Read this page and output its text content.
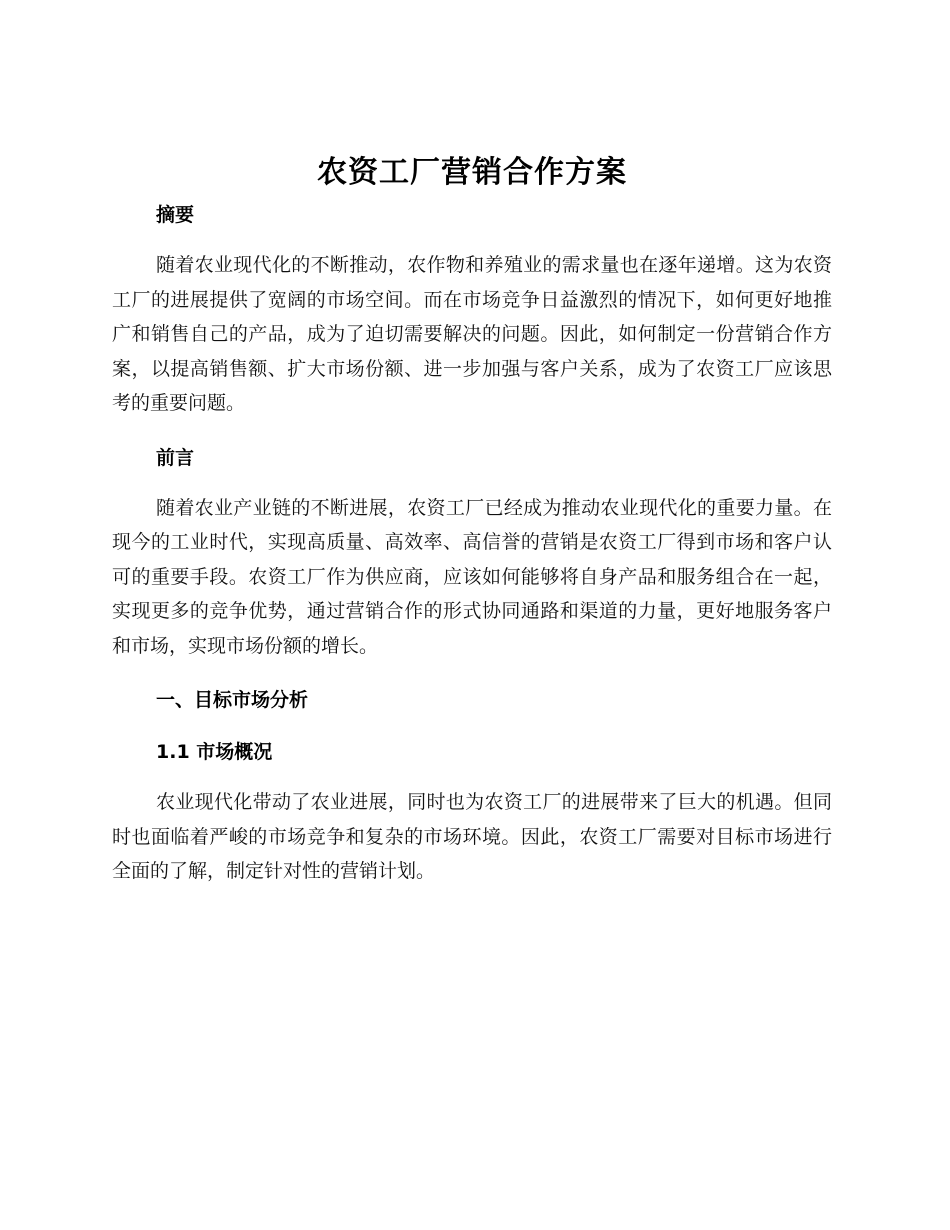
农资工厂营销合作方案
摘要

随着农业现代化的不断推动，农作物和养殖业的需求量也在逐年递增。这为农资工厂的进展提供了宽阔的市场空间。而在市场竞争日益激烈的情况下，如何更好地推广和销售自己的产品，成为了迫切需要解决的问题。因此，如何制定一份营销合作方案，以提高销售额、扩大市场份额、进一步加强与客户关系，成为了农资工厂应该思考的重要问题。

前言

随着农业产业链的不断进展，农资工厂已经成为推动农业现代化的重要力量。在现今的工业时代，实现高质量、高效率、高信誉的营销是农资工厂得到市场和客户认可的重要手段。农资工厂作为供应商，应该如何能够将自身产品和服务组合在一起，实现更多的竞争优势，通过营销合作的形式协同通路和渠道的力量，更好地服务客户和市场，实现市场份额的增长。

一、目标市场分析
1.1 市场概况

农业现代化带动了农业进展，同时也为农资工厂的进展带来了巨大的机遇。但同时也面临着严峻的市场竞争和复杂的市场环境。因此，农资工厂需要对目标市场进行全面的了解，制定针对性的营销计划。
